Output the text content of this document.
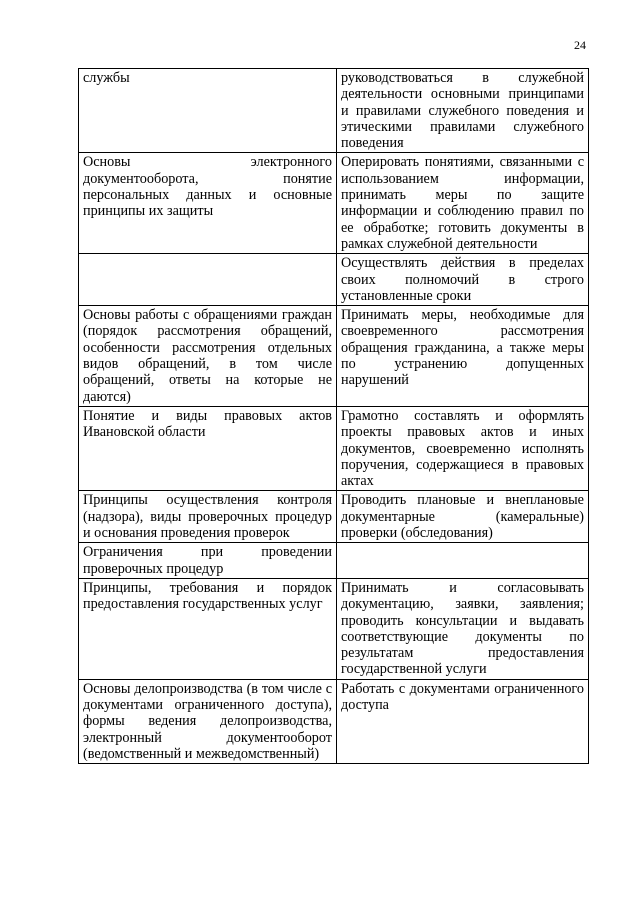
24
службы	руководствоваться в служебной деятельности основными принципами и правилами служебного поведения и этическими правилами служебного поведения

Основы электронного документооборота, понятие персональных данных и основные принципы их защиты	Оперировать понятиями, связанными с использованием информации, принимать меры по защите информации и соблюдению правил по ее обработке; готовить документы в рамках служебной деятельности

	Осуществлять действия в пределах своих полномочий в строго установленные сроки

Основы работы с обращениями граждан (порядок рассмотрения обращений, особенности рассмотрения отдельных видов обращений, в том числе обращений, ответы на которые не даются)	Принимать меры, необходимые для своевременного рассмотрения обращения гражданина, а также меры по устранению допущенных нарушений

Понятие и виды правовых актов Ивановской области	Грамотно составлять и оформлять проекты правовых актов и иных документов, своевременно исполнять поручения, содержащиеся в правовых актах

Принципы осуществления контроля (надзора), виды проверочных процедур и основания проведения проверок	Проводить плановые и внеплановые документарные (камеральные) проверки (обследования)

Ограничения при проведении проверочных процедур	

Принципы, требования и порядок предоставления государственных услуг	Принимать и согласовывать документацию, заявки, заявления; проводить консультации и выдавать соответствующие документы по результатам предоставления государственной услуги

Основы делопроизводства (в том числе с документами ограниченного доступа), формы ведения делопроизводства, электронный документооборот (ведомственный и межведомственный)	Работать с документами ограниченного доступа
